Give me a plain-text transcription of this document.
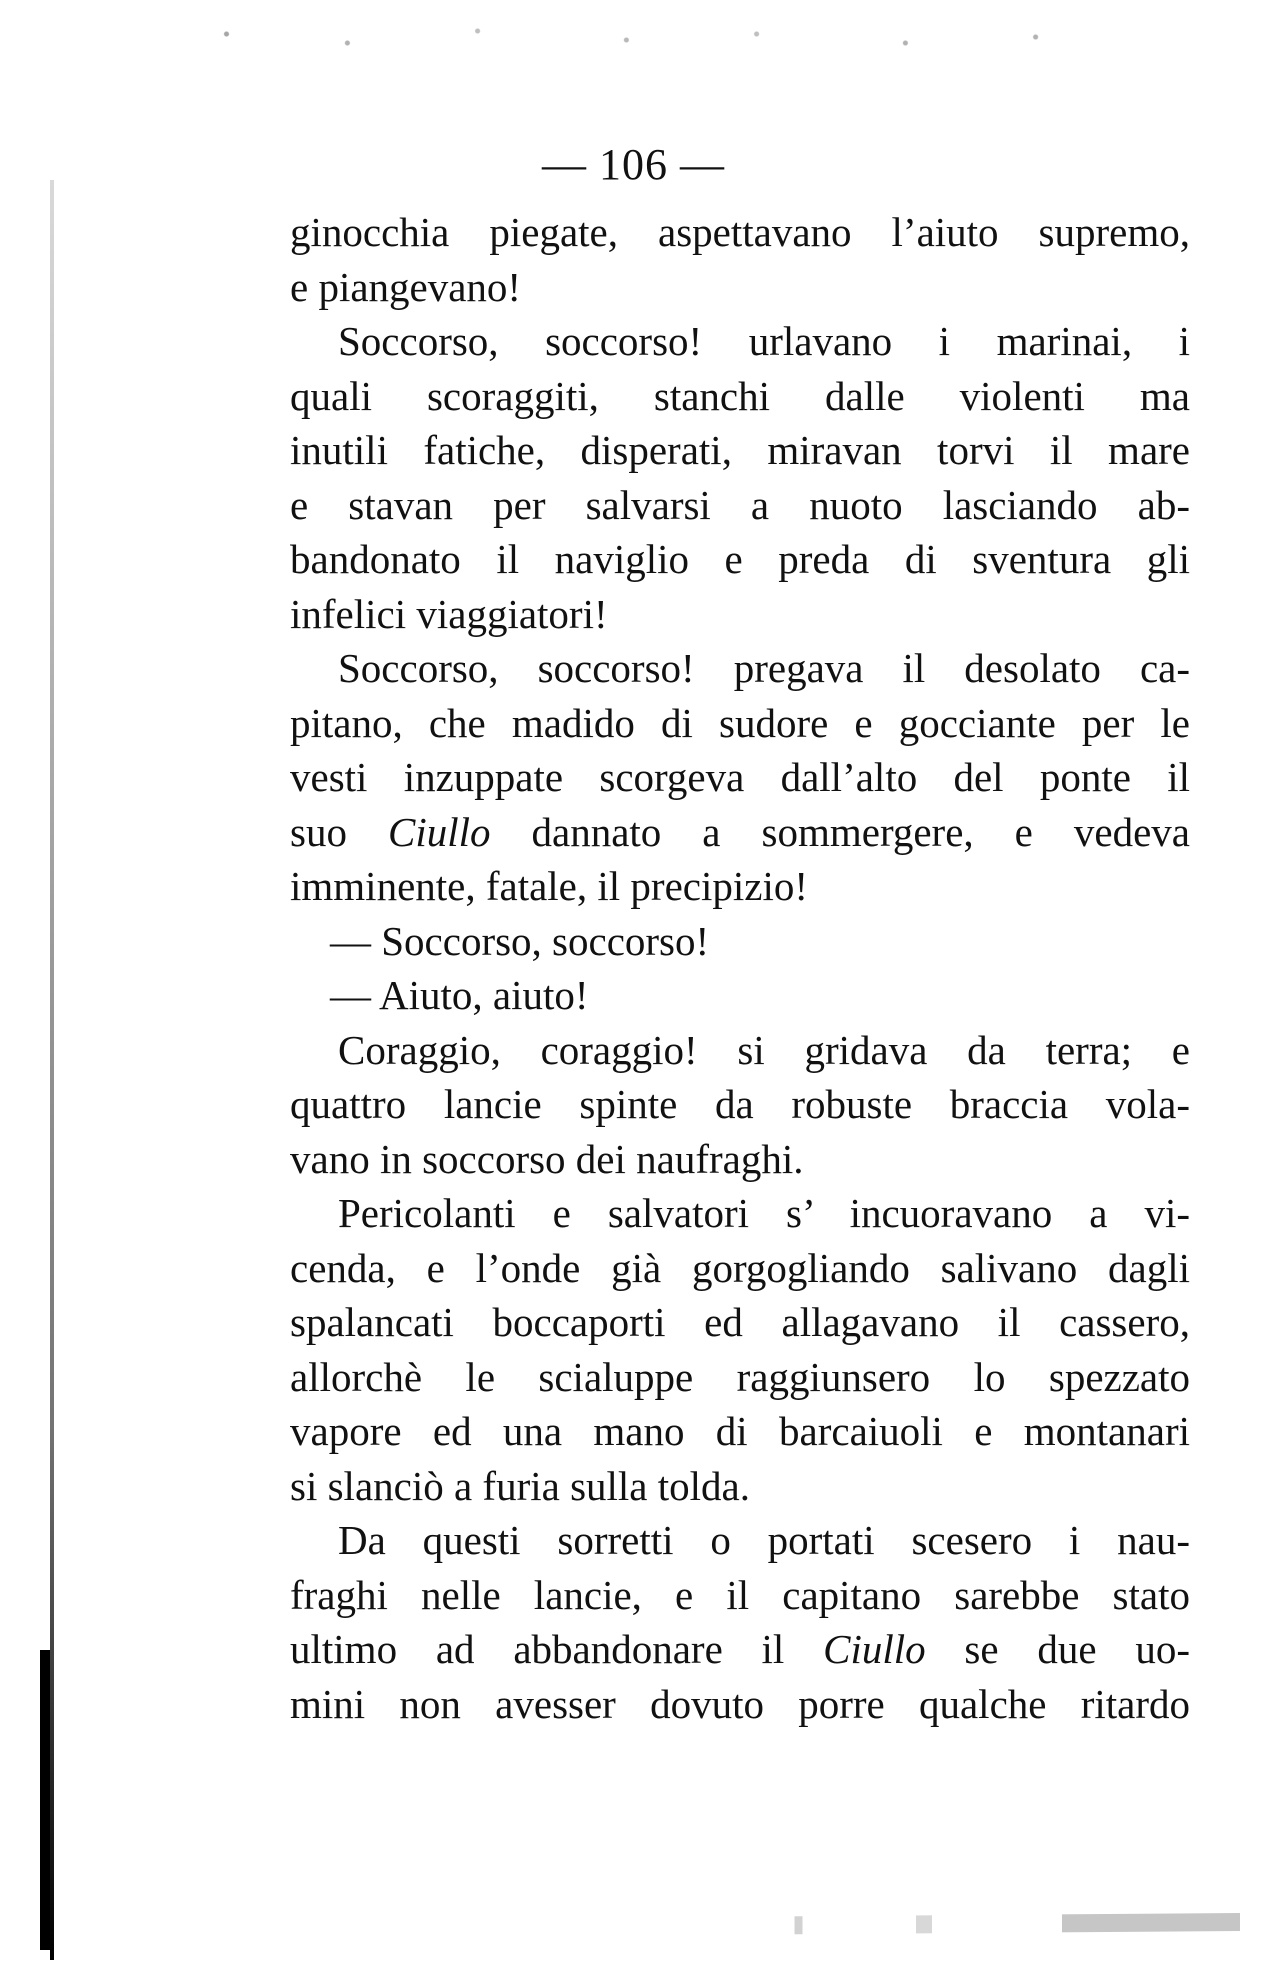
— 106 —
ginocchia piegate, aspettavano l’aiuto supremo,
e piangevano!
Soccorso, soccorso! urlavano i marinai, i
quali scoraggiti, stanchi dalle violenti ma
inutili fatiche, disperati, miravan torvi il mare
e stavan per salvarsi a nuoto lasciando ab-
bandonato il naviglio e preda di sventura gli
infelici viaggiatori!
Soccorso, soccorso! pregava il desolato ca-
pitano, che madido di sudore e gocciante per le
vesti inzuppate scorgeva dall’alto del ponte il
suo Ciullo dannato a sommergere, e vedeva
imminente, fatale, il precipizio!
— Soccorso, soccorso!
— Aiuto, aiuto!
Coraggio, coraggio! si gridava da terra; e
quattro lancie spinte da robuste braccia vola-
vano in soccorso dei naufraghi.
Pericolanti e salvatori s’ incuoravano a vi-
cenda, e l’onde già gorgogliando salivano dagli
spalancati boccaporti ed allagavano il cassero,
allorchè le scialuppe raggiunsero lo spezzato
vapore ed una mano di barcaiuoli e montanari
si slanciò a furia sulla tolda.
Da questi sorretti o portati scesero i nau-
fraghi nelle lancie, e il capitano sarebbe stato
ultimo ad abbandonare il Ciullo se due uo-
mini non avesser dovuto porre qualche ritardo
